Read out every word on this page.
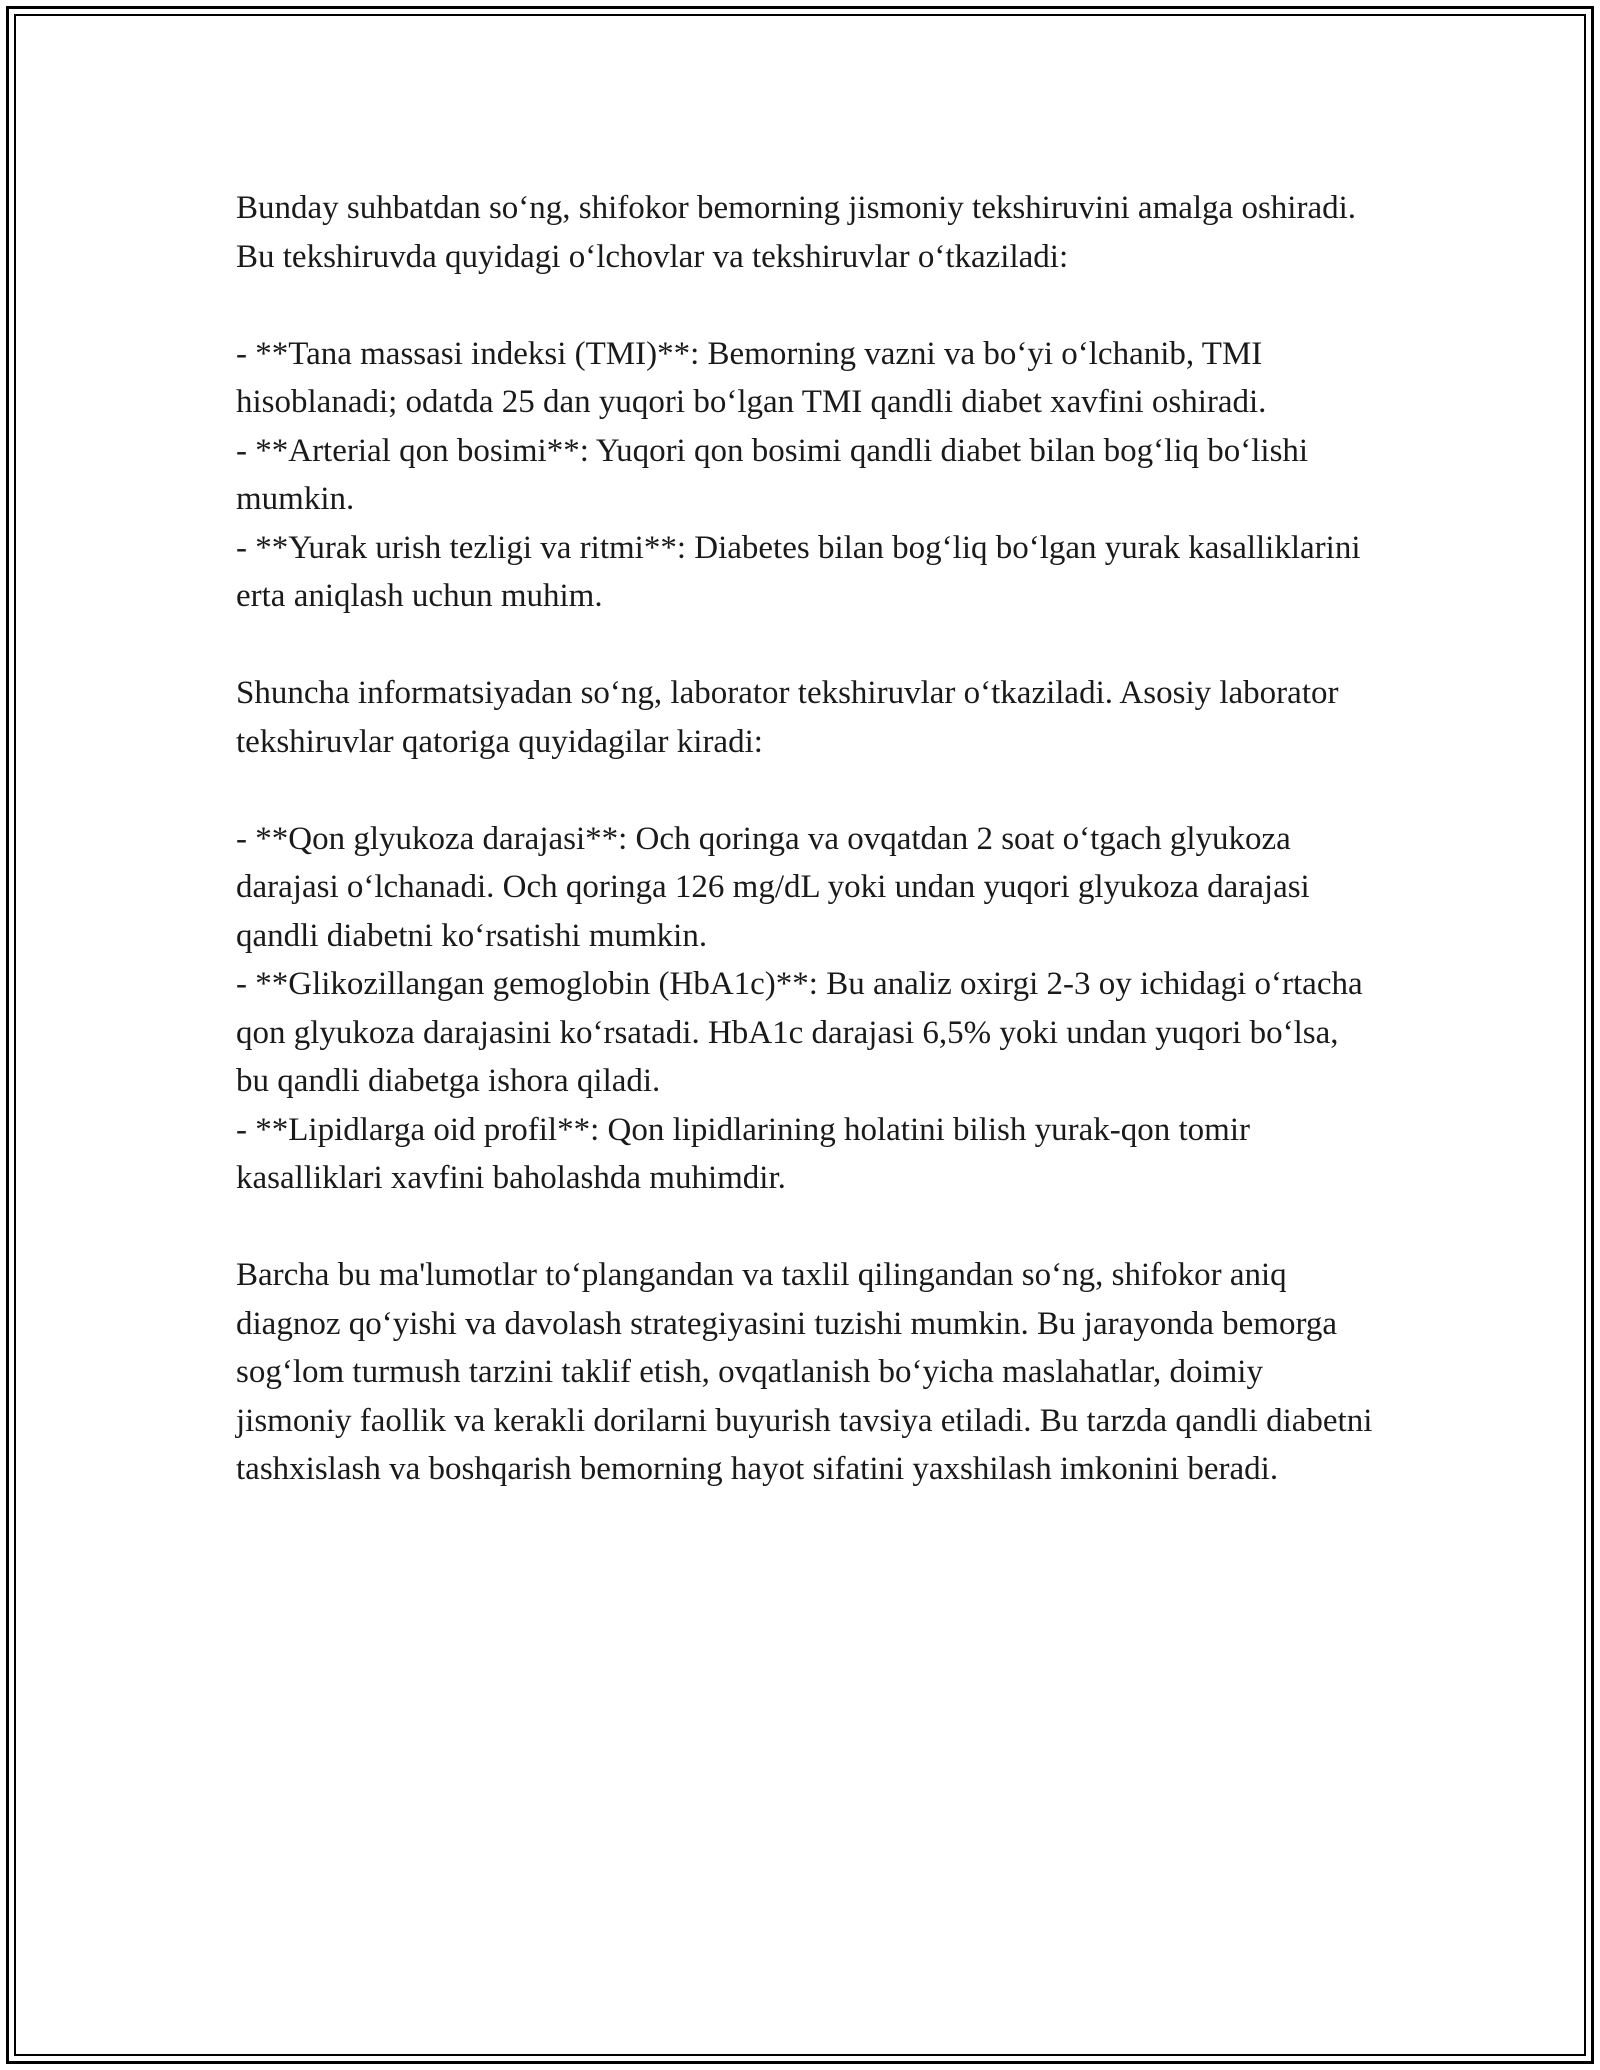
Bunday suhbatdan so‘ng, shifokor bemorning jismoniy tekshiruvini amalga oshiradi. Bu tekshiruvda quyidagi o‘lchovlar va tekshiruvlar o‘tkaziladi:

- **Tana massasi indeksi (TMI)**: Bemorning vazni va bo‘yi o‘lchanib, TMI hisoblanadi; odatda 25 dan yuqori bo‘lgan TMI qandli diabet xavfini oshiradi.
- **Arterial qon bosimi**: Yuqori qon bosimi qandli diabet bilan bog‘liq bo‘lishi mumkin.
- **Yurak urish tezligi va ritmi**: Diabetes bilan bog‘liq bo‘lgan yurak kasalliklarini erta aniqlash uchun muhim.

Shuncha informatsiyadan so‘ng, laborator tekshiruvlar o‘tkaziladi. Asosiy laborator tekshiruvlar qatoriga quyidagilar kiradi:

- **Qon glyukoza darajasi**: Och qoringa va ovqatdan 2 soat o‘tgach glyukoza darajasi o‘lchanadi. Och qoringa 126 mg/dL yoki undan yuqori glyukoza darajasi qandli diabetni ko‘rsatishi mumkin.
- **Glikozillangan gemoglobin (HbA1c)**: Bu analiz oxirgi 2-3 oy ichidagi o‘rtacha qon glyukoza darajasini ko‘rsatadi. HbA1c darajasi 6,5% yoki undan yuqori bo‘lsa, bu qandli diabetga ishora qiladi.
- **Lipidlarga oid profil**: Qon lipidlarining holatini bilish yurak-qon tomir kasalliklari xavfini baholashda muhimdir.

Barcha bu ma'lumotlar to‘plangandan va taxlil qilingandan so‘ng, shifokor aniq diagnoz qo‘yishi va davolash strategiyasini tuzishi mumkin. Bu jarayonda bemorga sog‘lom turmush tarzini taklif etish, ovqatlanish bo‘yicha maslahatlar, doimiy jismoniy faollik va kerakli dorilarni buyurish tavsiya etiladi. Bu tarzda qandli diabetni tashxislash va boshqarish bemorning hayot sifatini yaxshilash imkonini beradi.
